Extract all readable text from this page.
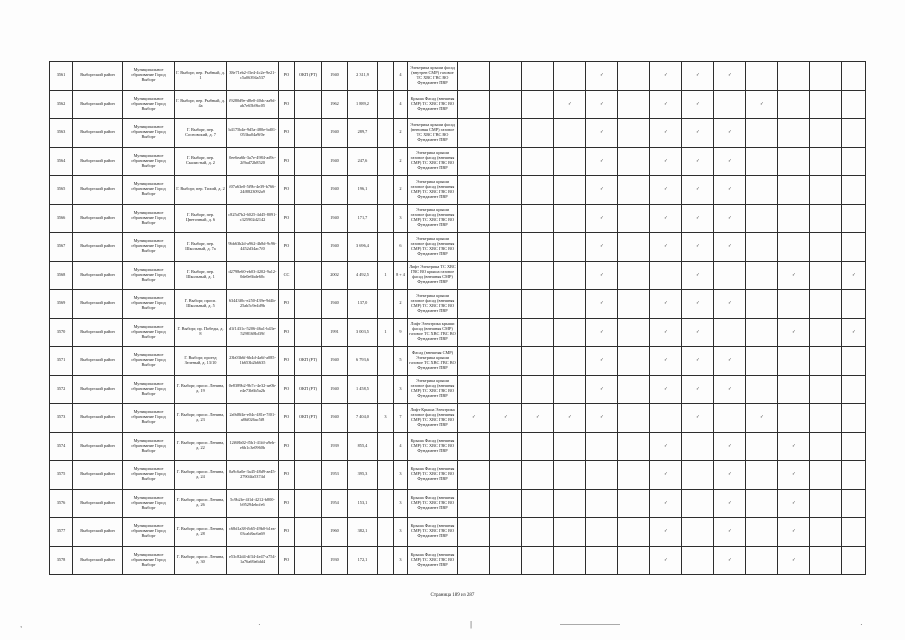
3561	Выборгский район	Муниципальное образование Город Выборг	Г. Выборг, пер. Рыбный, д. 1	38e71eb2-f3e4-4c2e-9e21-c5a06394a537	РО	ОКП (РТ)	1940	2 311,9		4	Электрика крыши фасад (внутрен СМР) газовое ТС ХВС ГВС ВО Фундамент ПВР					✓		✓	✓	✓				
3562	Выборгский район	Муниципальное образование Город Выборг	Г. Выборг, пер. Рыбный, д. 4а	f9280d9e-d8e0-40dc-aa9d-ab7e65b9bc05	РО		1962	1 889,2		4	Крыша Фасад (внешняя СМР) ТС ХВС ГВС ВО Фундамент ПВР				✓	✓		✓	✓		✓			
3563	Выборгский район	Муниципальное образование Город Выборг	Г. Выборг, пер. Сосновский, д. 7	b4175b4e-9d5a-480e-bd01-053ba04a9f0e	РО		1940	289,7		2	Электрика крыши фасад (внешняя СМР) газовое ТС ХВС ГВС ВО Фундамент ПВР					✓		✓	✓	✓				
3564	Выборгский район	Муниципальное образование Город Выборг	Г. Выборг, пер. Скалистый, д. 2	0ee6ea6b-3a7e-4984-ad9c-2f9ad72b8520	РО		1940	247,6		2	Электрика крыши газовое фасад (внешняя СМР) ТС ХВС ГВС ВО Фундамент ПВР					✓		✓	✓	✓				
3565	Выборгский район	Муниципальное образование Город Выборг	Г. Выборг, пер. Тихий, д. 2	f07a63e0-5f9b-4e39-b766-24f8823092a9	РО		1940	196,1		2	Электрика крыши газовое фасад (внешняя СМР) ТС ХВС ГВС ВО Фундамент ПВР					✓		✓	✓	✓				
3566	Выборгский район	Муниципальное образование Город Выборг	Г. Выборг, пер. Цветочный, д. 6	c825d7b2-6025-4d45-8091-c325902d2142	РО		1940	171,7		3	Электрика крыши газовое фасад (внешняя СМР) ТС ХВС ГВС ВО Фундамент ПВР					✓		✓	✓	✓				
3567	Выборгский район	Муниципальное образование Город Выборг	Г. Выборг, пер. Школьный, д. 7а	9bb63b2d-a962-4b8d-9c96-4452d34ac7f0	РО		1940	3 696,4		6	Электрика крыши газовое фасад (внешняя СМР) ТС ХВС ГВС ВО Фундамент ПВР					✓		✓	✓	✓				
3568	Выборгский район	Муниципальное образование Город Выборг	Г. Выборг, пер. Школьный, д. 1	d2798e60-eb03-4202-9a12-0de0e6bde60c	СС		2002	4 492,5	1	8 + 4	Лифт Электрика ТС ХВС ГВС ВО крыша газовое фасад (внешняя СМР) Фундамент ПВР					✓			✓			✓		✓
3569	Выборгский район	Муниципальное образование Город Выборг	Г. Выборг, просп. Школьный, д. 5	63443f0c-e250-439e-9d4b-25ab5c9e4d9b	РО		1940	137,0		2	Электрика крыши газовое фасад (внешняя СМР) ТС ХВС ГВС ВО Фундамент ПВР					✓		✓	✓	✓				
3570	Выборгский район	Муниципальное образование Город Выборг	Г. Выборг, пр. Победы, д. 8	d1f1431c-5206-46a1-b43e-5298168bf39f	РО		1991	3 003,5	1	9	Лифт Электрика крыши фасад (внешняя СМР) газовое ТС ХВС ГВС ВО Фундамент ПВР					✓		✓	✓			✓		✓
3571	Выборгский район	Муниципальное образование Город Выборг	Г. Выборг, проезд Зеленый, д. 13/10	23b03b6f-6b4d-4a6f-a085-1b653b2b6635	РО	ОКП (РТ)	1940	6 793,6		5	Фасад (внешняя СМР) Электрика крыши газовое ТС ХВС ГВС ВО Фундамент ПВР					✓		✓	✓	✓				
3572	Выборгский район	Муниципальное образование Город Выборг	Г. Выборг, просп. Ленина, д. 19	0e8389b2-9b7c-4e32-ae0b-e4e73b6b5a2b	РО	ОКП (РТ)	1940	1 458,5		3	Электрика крыши газовое фасад (внешняя СМР) ТС ХВС ГВС ВО Фундамент ПВР					✓		✓	✓	✓				
3573	Выборгский район	Муниципальное образование Город Выборг	Г. Выборг, просп. Ленина, д. 23	2a9d8f4e-e04c-481e-7f01-a86f026ac5f8	РО	ОКП (РТ)	1940	7 404,0	3	7	Лифт Крыша Электрика газовое фасад (внешняя СМР) ТС ХВС ГВС ВО Фундамент ПВР	✓	✓	✓	✓	✓			✓		✓			
3574	Выборгский район	Муниципальное образование Город Выборг	Г. Выборг, просп. Ленина, д. 22	12f68b02-f5b1-41fd-a9eb-e6b1c3e0960b	РО		1939	855,4		4	Крыша Фасад (внешняя СМР) ТС ХВС ГВС ВО Фундамент ПВР							✓		✓		✓		
3575	Выборгский район	Муниципальное образование Город Выборг	Г. Выборг, просп. Ленина, д. 24	0a9c6a0e-3a45-48d9-ae45-27904fa5374d	РО		1953	395,3		3	Крыша Фасад (внешняя СМР) ТС ХВС ГВС ВО Фундамент ПВР							✓		✓		✓		
3576	Выборгский район	Муниципальное образование Город Выборг	Г. Выборг, просп. Ленина, д. 26	5c9b2fe-4f1d-4212-b800-b95294ebcfe6	РО		1954	153,1		3	Крыша Фасад (внешняя СМР) ТС ХВС ГВС ВО Фундамент ПВР							✓		✓		✓		
3577	Выборгский район	Муниципальное образование Город Выборг	Г. Выборг, просп. Ленина, д. 28	c68d1a38-fb65-49b0-b1ea-03cab8ac6a69	РО		1960	382,1		3	Крыша Фасад (внешняя СМР) ТС ХВС ГВС ВО Фундамент ПВР							✓		✓		✓		
3578	Выборгский район	Муниципальное образование Город Выборг	Г. Выборг, просп. Ленина, д. 30	e53c82d4-df34-4e47-a754-1a76a69a6dd4	РО		1930	172,1		3	Крыша Фасад (внешняя СМР) ТС ХВС ГВС ВО Фундамент ПВР							✓		✓		✓		
Страница 189 из 287
,	·	|	·
